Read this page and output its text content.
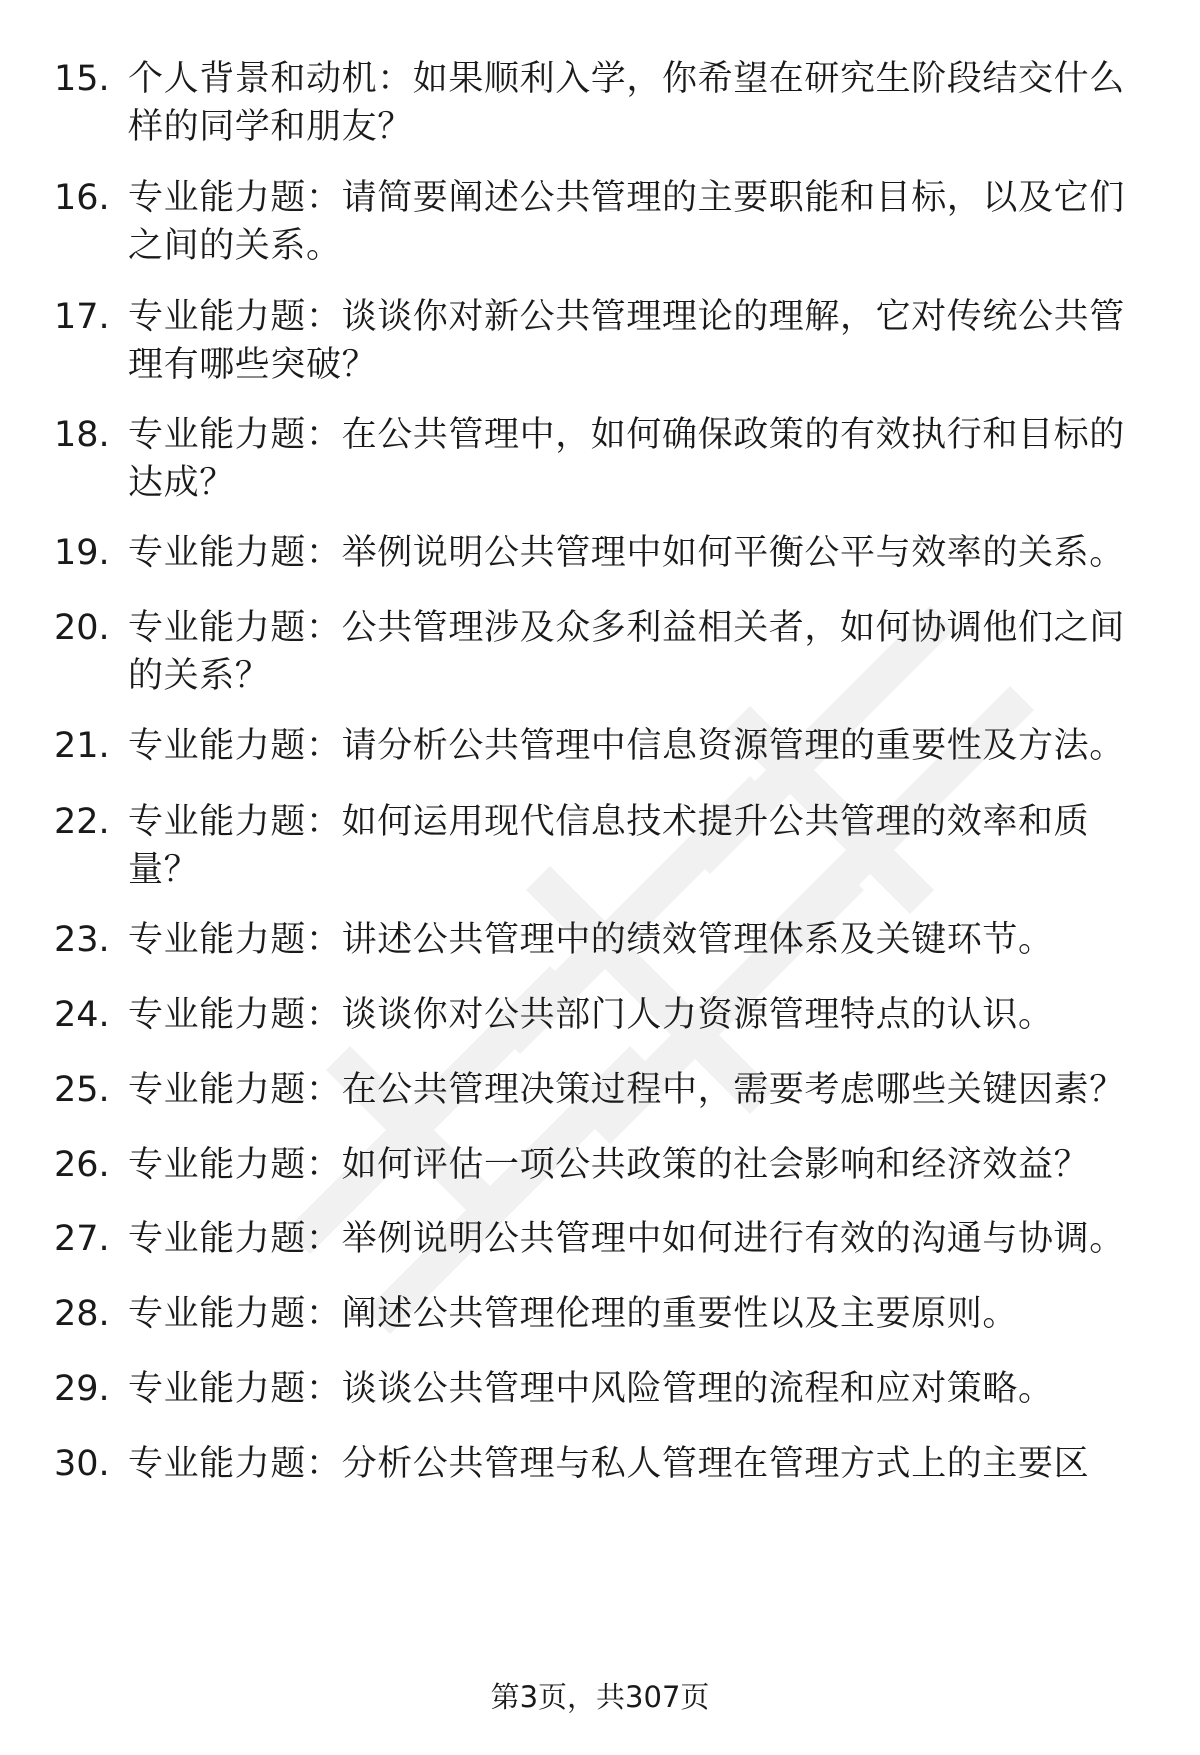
15. 个人背景和动机：如果顺利入学，你希望在研究生阶段结交什么样的同学和朋友？
16. 专业能力题：请简要阐述公共管理的主要职能和目标，以及它们之间的关系。
17. 专业能力题：谈谈你对新公共管理理论的理解，它对传统公共管理有哪些突破？
18. 专业能力题：在公共管理中，如何确保政策的有效执行和目标的达成？
19. 专业能力题：举例说明公共管理中如何平衡公平与效率的关系。
20. 专业能力题：公共管理涉及众多利益相关者，如何协调他们之间的关系？
21. 专业能力题：请分析公共管理中信息资源管理的重要性及方法。
22. 专业能力题：如何运用现代信息技术提升公共管理的效率和质量？
23. 专业能力题：讲述公共管理中的绩效管理体系及关键环节。
24. 专业能力题：谈谈你对公共部门人力资源管理特点的认识。
25. 专业能力题：在公共管理决策过程中，需要考虑哪些关键因素？
26. 专业能力题：如何评估一项公共政策的社会影响和经济效益？
27. 专业能力题：举例说明公共管理中如何进行有效的沟通与协调。
28. 专业能力题：阐述公共管理伦理的重要性以及主要原则。
29. 专业能力题：谈谈公共管理中风险管理的流程和应对策略。
30. 专业能力题：分析公共管理与私人管理在管理方式上的主要区
第3页，共307页
